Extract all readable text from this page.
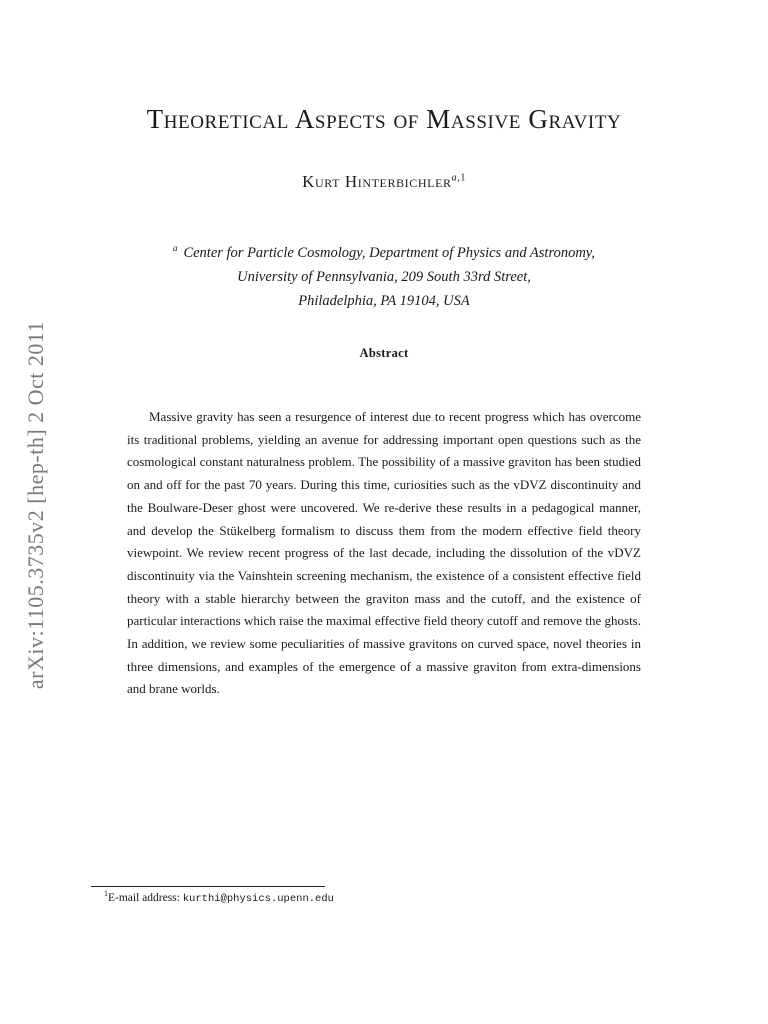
arXiv:1105.3735v2 [hep-th] 2 Oct 2011
Theoretical Aspects of Massive Gravity
Kurt Hinterbichler$^{a,1}$
$^a$ Center for Particle Cosmology, Department of Physics and Astronomy,
University of Pennsylvania, 209 South 33rd Street,
Philadelphia, PA 19104, USA
Abstract
Massive gravity has seen a resurgence of interest due to recent progress which has overcome its traditional problems, yielding an avenue for addressing important open questions such as the cosmological constant naturalness problem. The possibility of a massive graviton has been studied on and off for the past 70 years. During this time, curiosities such as the vDVZ discontinuity and the Boulware-Deser ghost were uncovered. We re-derive these results in a pedagogical manner, and develop the Stükelberg formalism to discuss them from the modern effective field theory viewpoint. We review recent progress of the last decade, including the dissolution of the vDVZ discontinuity via the Vainshtein screening mechanism, the existence of a consistent effective field theory with a stable hierarchy between the graviton mass and the cutoff, and the existence of particular interactions which raise the maximal effective field theory cutoff and remove the ghosts. In addition, we review some peculiarities of massive gravitons on curved space, novel theories in three dimensions, and examples of the emergence of a massive graviton from extra-dimensions and brane worlds.
$^1$E-mail address: kurthi@physics.upenn.edu
